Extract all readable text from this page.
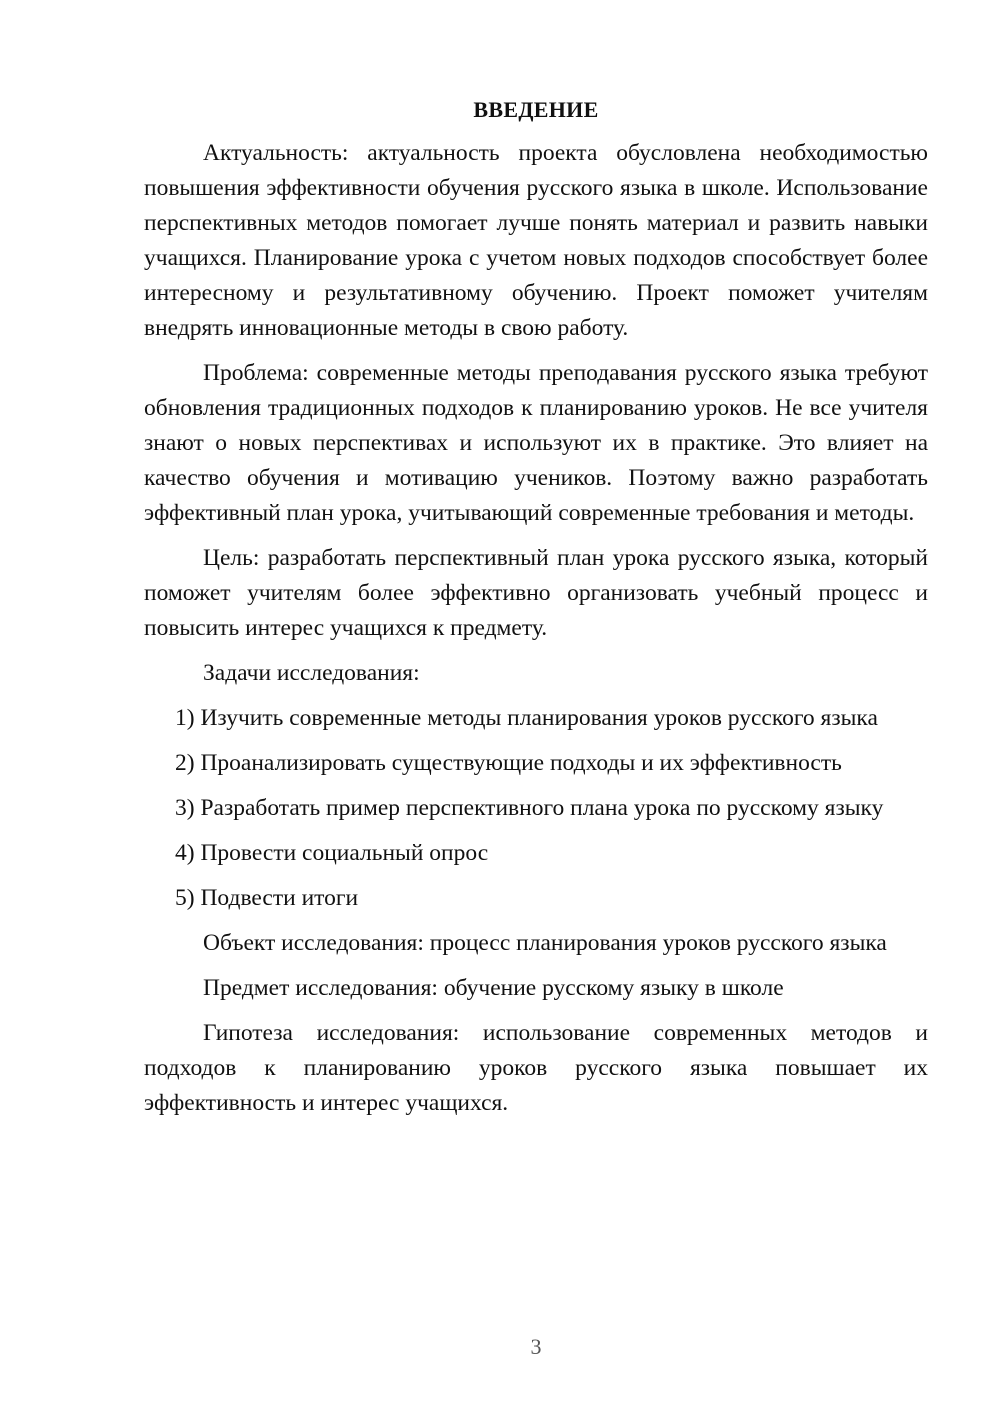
ВВЕДЕНИЕ

Актуальность: актуальность проекта обусловлена необходимостью повышения эффективности обучения русского языка в школе. Использование перспективных методов помогает лучше понять материал и развить навыки учащихся. Планирование урока с учетом новых подходов способствует более интересному и результативному обучению. Проект поможет учителям внедрять инновационные методы в свою работу.

Проблема: современные методы преподавания русского языка требуют обновления традиционных подходов к планированию уроков. Не все учителя знают о новых перспективах и используют их в практике. Это влияет на качество обучения и мотивацию учеников. Поэтому важно разработать эффективный план урока, учитывающий современные требования и методы.

Цель: разработать перспективный план урока русского языка, который поможет учителям более эффективно организовать учебный процесс и повысить интерес учащихся к предмету.

Задачи исследования:

1) Изучить современные методы планирования уроков русского языка

2) Проанализировать существующие подходы и их эффективность

3) Разработать пример перспективного плана урока по русскому языку

4) Провести социальный опрос

5) Подвести итоги

Объект исследования: процесс планирования уроков русского языка

Предмет исследования: обучение русскому языку в школе

Гипотеза исследования: использование современных методов и подходов к планированию уроков русского языка повышает их эффективность и интерес учащихся.

3
